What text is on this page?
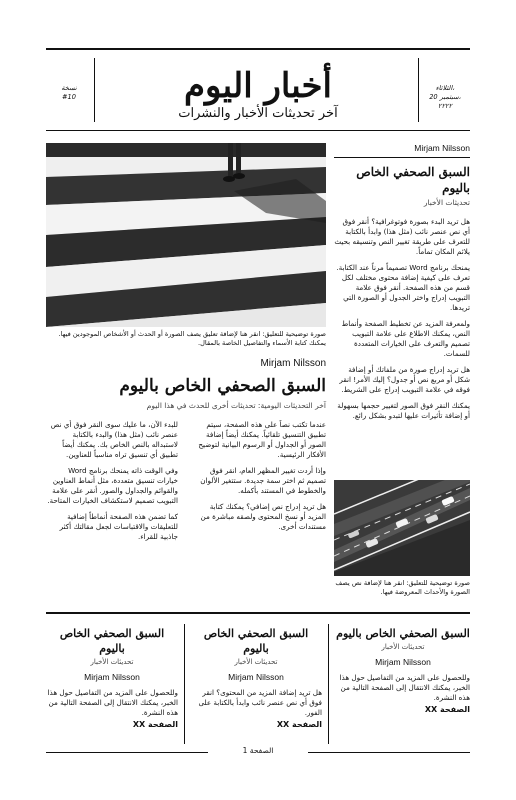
نسخة
#10	أخبار اليوم
آخر تحديثات الأخبار والنشرات
الثلاثاء،
20 سبتمبر،
٢٢٢٢
صورة توضيحية للتعليق: انقر هنا لإضافة تعليق يصف الصورة أو الحدث أو الأشخاص الموجودين فيها. يمكنك كتابة الأسماء والتفاصيل الخاصة بالمقال.
Mirjam Nilsson
السبق الصحفي الخاص باليوم
تحديثات الأخبار

هل تريد البدء بصورة فوتوغرافية؟ أنقر فوق أي نص عنصر نائب (مثل هذا) وابدأ بالكتابة للتعرف على طريقة تغيير النص وتنسيقه بحيث يلائم المكان تماماً.

يمنحك برنامج Word تصميماً مرناً عند الكتابة. تعرف على كيفية إضافة محتوى مختلف لكل قسم من هذه الصفحة. أنقر فوق علامة التبويب إدراج واختر الجدول أو الصورة التي تريدها.

ولمعرفة المزيد عن تخطيط الصفحة وأنماط النص، يمكنك الاطلاع على علامة التبويب تصميم والتعرف على الخيارات المتعددة للسمات.

هل تريد إدراج صورة من ملفاتك أو إضافة شكل أو مربع نص أو جدول؟ إليك الأمر! انقر فوقه في علامة التبويب إدراج على الشريط.

يمكنك النقر فوق الصور لتغيير حجمها بسهولة أو إضافة تأثيرات عليها لتبدو بشكل رائع.

Mirjam Nilsson
السبق الصحفي الخاص باليوم
آخر التحديثات اليومية: تحديثات أخرى للحدث في هذا اليوم

للبدء الآن، ما عليك سوى النقر فوق أي نص عنصر نائب (مثل هذا) والبدء بالكتابة لاستبداله بالنص الخاص بك. يمكنك أيضاً تطبيق أي تنسيق تراه مناسباً للعناوين.

وفي الوقت ذاته يمنحك برنامج Word خيارات تنسيق متعددة، مثل أنماط العناوين والقوائم والجداول والصور. أنقر على علامة التبويب تصميم لاستكشاف الخيارات المتاحة.

كما تضمن هذه الصفحة أنماطاً إضافية للتعليقات والاقتباسات لجعل مقالتك أكثر جاذبية للقراء.

عندما تكتب نصاً على هذه الصفحة، سيتم تطبيق التنسيق تلقائياً. يمكنك أيضاً إضافة الصور أو الجداول أو الرسوم البيانية لتوضيح الأفكار الرئيسية.

وإذا أردت تغيير المظهر العام، انقر فوق تصميم ثم اختر سمة جديدة. ستتغير الألوان والخطوط في المستند بأكمله.

هل تريد إدراج نص إضافي؟ يمكنك كتابة المزيد أو نسخ المحتوى ولصقه مباشرة من مستندات أخرى.

صورة توضيحية للتعليق: انقر هنا لإضافة نص يصف الصورة والأحداث المعروضة فيها.
السبق الصحفي الخاص باليوم
تحديثات الأخبار
Mirjam Nilsson
وللحصول على المزيد من التفاصيل حول هذا الخبر، يمكنك الانتقال إلى الصفحة التالية من هذه النشرة.
الصفحة XX
السبق الصحفي الخاص باليوم
تحديثات الأخبار
Mirjam Nilsson
هل تريد إضافة المزيد من المحتوى؟ انقر فوق أي نص عنصر نائب وابدأ بالكتابة على الفور.
الصفحة XX
السبق الصحفي الخاص باليوم
تحديثات الأخبار
Mirjam Nilsson
وللحصول على المزيد من التفاصيل حول هذا الخبر، يمكنك الانتقال إلى الصفحة التالية من هذه النشرة.
الصفحة XX
الصفحة 1
